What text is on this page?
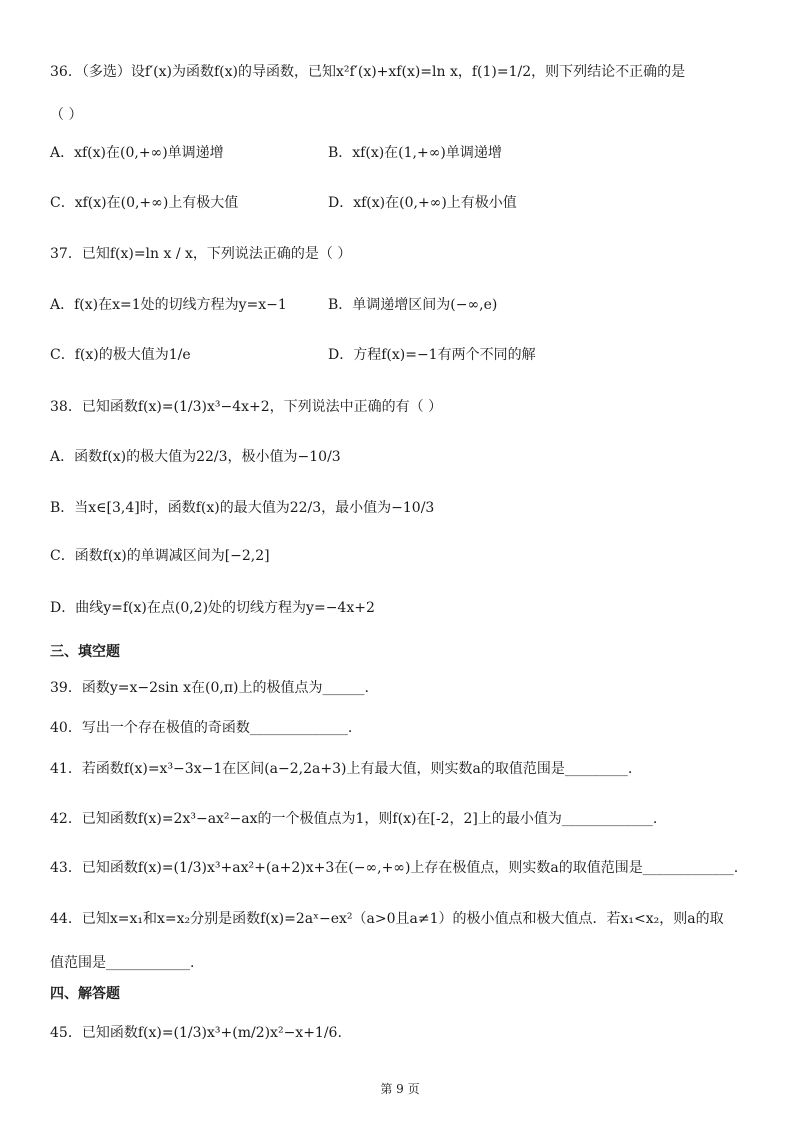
36．（多选）设f′(x)为函数f(x)的导函数，已知x²f′(x)+xf(x)=ln x，f(1)=1/2，则下列结论不正确的是
（ ）
A．xf(x)在(0,+∞)单调递增	B．xf(x)在(1,+∞)单调递增
C．xf(x)在(0,+∞)上有极大值	D．xf(x)在(0,+∞)上有极小值
37．已知f(x)=ln x / x，下列说法正确的是（ ）
A．f(x)在x=1处的切线方程为y=x−1	B．单调递增区间为(−∞,e)
C．f(x)的极大值为1/e	D．方程f(x)=−1有两个不同的解
38．已知函数f(x)=(1/3)x³−4x+2，下列说法中正确的有（ ）
A．函数f(x)的极大值为22/3，极小值为−10/3
B．当x∈[3,4]时，函数f(x)的最大值为22/3，最小值为−10/3
C．函数f(x)的单调减区间为[−2,2]
D．曲线y=f(x)在点(0,2)处的切线方程为y=−4x+2
三、填空题
39．函数y=x−2sin x在(0,π)上的极值点为______.
40．写出一个存在极值的奇函数______________.
41．若函数f(x)=x³−3x−1在区间(a−2,2a+3)上有最大值，则实数a的取值范围是_________.
42．已知函数f(x)=2x³−ax²−ax的一个极值点为1，则f(x)在[-2，2]上的最小值为_____________.
43．已知函数f(x)=(1/3)x³+ax²+(a+2)x+3在(−∞,+∞)上存在极值点，则实数a的取值范围是_____________.
44．已知x=x₁和x=x₂分别是函数f(x)=2aˣ−ex²（a>0且a≠1）的极小值点和极大值点．若x₁<x₂，则a的取
值范围是____________.
四、解答题
45．已知函数f(x)=(1/3)x³+(m/2)x²−x+1/6.
第 9 页
